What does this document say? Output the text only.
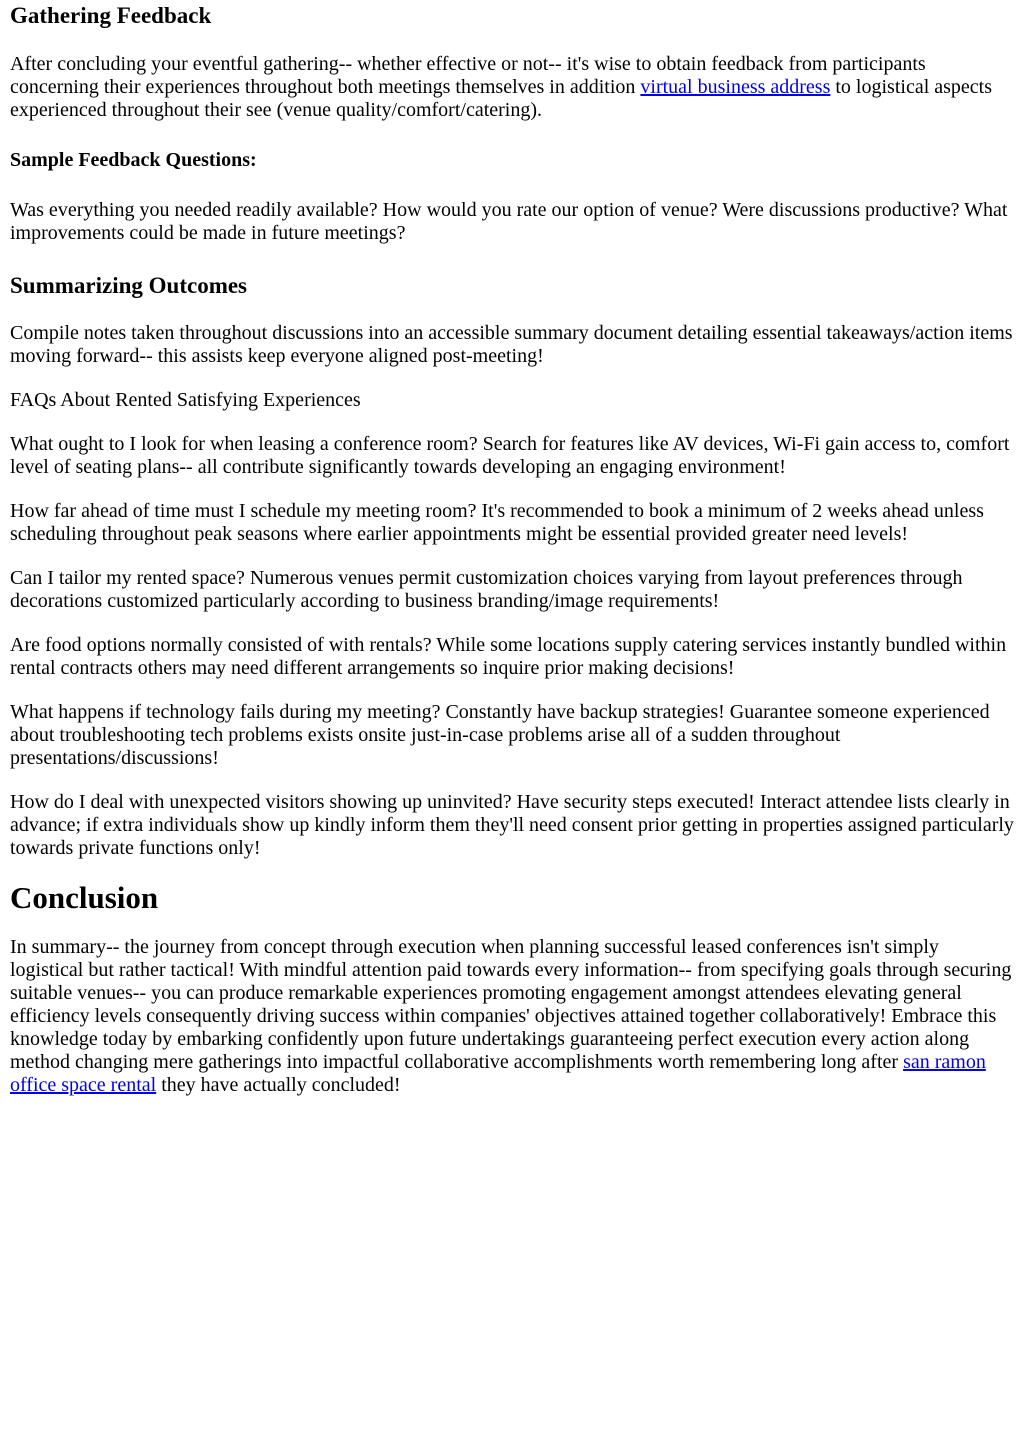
Gathering Feedback

After concluding your eventful gathering-- whether effective or not-- it's wise to obtain feedback from participants concerning their experiences throughout both meetings themselves in addition virtual business address to logistical aspects experienced throughout their see (venue quality/comfort/catering).

Sample Feedback Questions:

Was everything you needed readily available? How would you rate our option of venue? Were discussions productive? What improvements could be made in future meetings?

Summarizing Outcomes

Compile notes taken throughout discussions into an accessible summary document detailing essential takeaways/action items moving forward-- this assists keep everyone aligned post-meeting!

FAQs About Rented Satisfying Experiences

What ought to I look for when leasing a conference room? Search for features like AV devices, Wi-Fi gain access to, comfort level of seating plans-- all contribute significantly towards developing an engaging environment!

How far ahead of time must I schedule my meeting room? It's recommended to book a minimum of 2 weeks ahead unless scheduling throughout peak seasons where earlier appointments might be essential provided greater need levels!

Can I tailor my rented space? Numerous venues permit customization choices varying from layout preferences through decorations customized particularly according to business branding/image requirements!

Are food options normally consisted of with rentals? While some locations supply catering services instantly bundled within rental contracts others may need different arrangements so inquire prior making decisions!

What happens if technology fails during my meeting? Constantly have backup strategies! Guarantee someone experienced about troubleshooting tech problems exists onsite just-in-case problems arise all of a sudden throughout presentations/discussions!

How do I deal with unexpected visitors showing up uninvited? Have security steps executed! Interact attendee lists clearly in advance; if extra individuals show up kindly inform them they'll need consent prior getting in properties assigned particularly towards private functions only!

Conclusion

In summary-- the journey from concept through execution when planning successful leased conferences isn't simply logistical but rather tactical! With mindful attention paid towards every information-- from specifying goals through securing suitable venues-- you can produce remarkable experiences promoting engagement amongst attendees elevating general efficiency levels consequently driving success within companies' objectives attained together collaboratively! Embrace this knowledge today by embarking confidently upon future undertakings guaranteeing perfect execution every action along method changing mere gatherings into impactful collaborative accomplishments worth remembering long after san ramon office space rental they have actually concluded!
